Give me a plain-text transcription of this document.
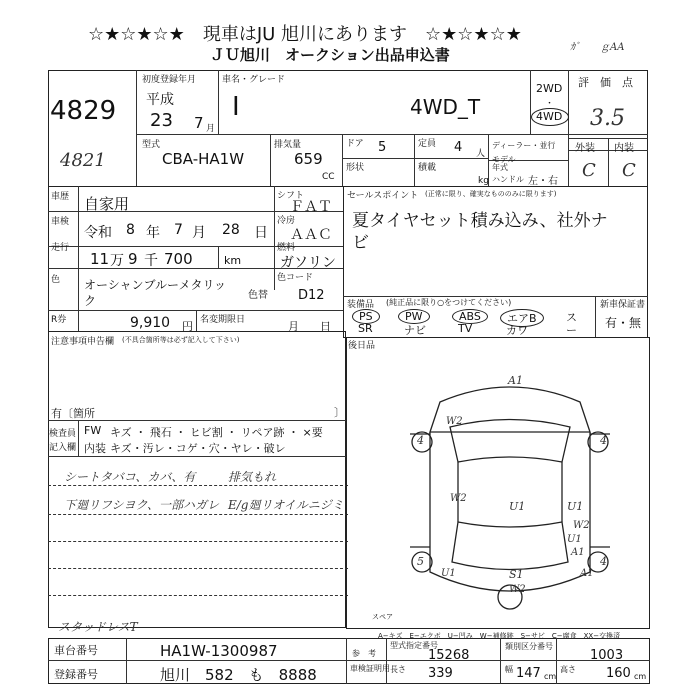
☆★☆★☆★　現車はJU 旭川にあります　☆★☆★☆★
ＪＵ旭川　オークション出品申込書	ｶﾞ　　ｇAA
4829
4821
初度登録年月
平成
23 7 月
車名・グレード
I	4WD_T
2WD
・
4WD
評　価　点
3.5
外装 内装
C C
型式
CBA-HA1W
排気量
659
CC
ドア 5	定員 4 人
形状	積載
kg
ディーラー・並行
モデル
年式
ハンドル 左・右
車歴 自家用	シフト
ＦＡＴ
車検
令和 8 年 7 月 28 日
冷房
ＡＡＣ
走行
11 万 9 千 700	km
燃料
ガソリン
色 オーシャンブルーメタリッ
ク	色替
色コード
D12
R券	9,910 円 名変期限日	月 日
セールスポイント (正常に限り、確実なもののみに限ります)
夏タイヤセット積み込み、社外ナ
ビ
装備品 (純正品に限り○をつけてください)
PS	PW	ABS	エアB	ス
SR	ナビ	TV	カワ	ー
新車保証書
有・無
注意事項申告欄 (不具合箇所等は必ず記入して下さい)
有〔箇所	〕
検査員
記入欄
FW キズ ・ 飛石 ・ ヒビ割 ・ リペア跡 ・ ×要
内装 キズ・汚レ・コゲ・穴・ヤレ・破レ
シートタバコ、カバ、有	排気もれ
下廻リフシヨク、一部ハガレ E/g廻リオイルニジミ
スタッドレスT
後日品
A1
W2
4	4
U1
W2
U1
W2
U1
A1
5	4
U1	S1	A1
W2
スペア
A−キズ　E−エクボ　U−凹み　W−補修跡　S−サビ　C−腐食　XX−交換済
車台番号	HA1W-1300987
登録番号	旭川　582　も　8888
型式指定番号
参　考	15268
類別区分番号
1003
車検証明用 長さ 339	幅 147 cm
高さ 160 cm
